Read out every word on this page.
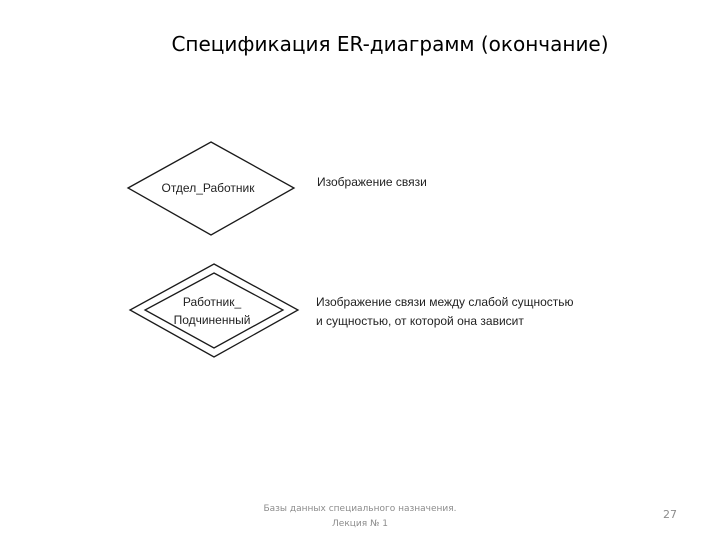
Спецификация ER-диаграмм (окончание)
Отдел_Работник	Изображение связи
Работник_
Подчиненный
Изображение связи между слабой сущностью
и сущностью, от которой она зависит
Базы данных специального назначения.
Лекция № 1
27
